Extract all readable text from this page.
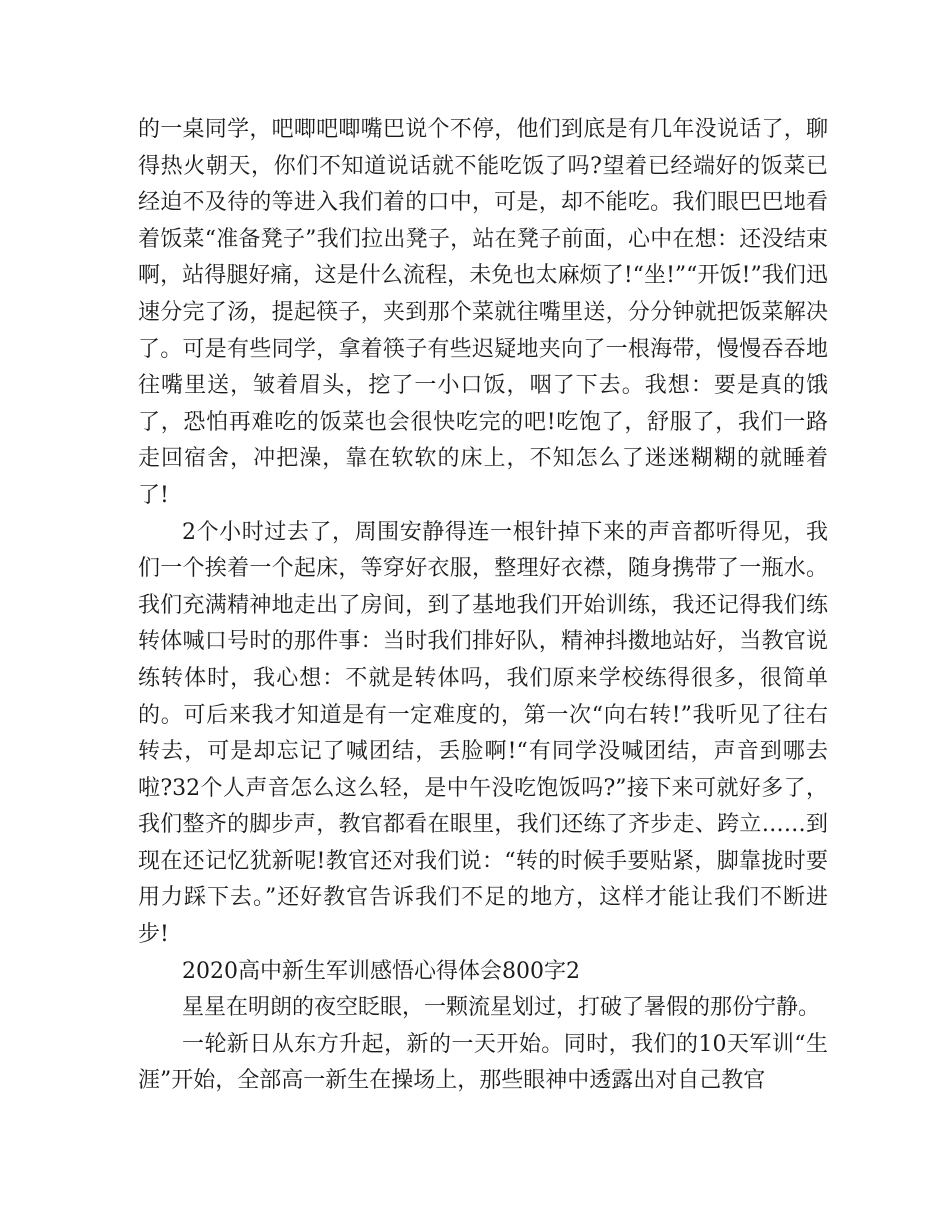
的一桌同学，吧唧吧唧嘴巴说个不停，他们到底是有几年没说话了，聊得热火朝天，你们不知道说话就不能吃饭了吗?望着已经端好的饭菜已经迫不及待的等进入我们着的口中，可是，却不能吃。我们眼巴巴地看着饭菜“准备凳子”我们拉出凳子，站在凳子前面，心中在想：还没结束啊，站得腿好痛，这是什么流程，未免也太麻烦了!“坐!”“开饭!”我们迅速分完了汤，提起筷子，夹到那个菜就往嘴里送，分分钟就把饭菜解决了。可是有些同学，拿着筷子有些迟疑地夹向了一根海带，慢慢吞吞地往嘴里送，皱着眉头，挖了一小口饭，咽了下去。我想：要是真的饿了，恐怕再难吃的饭菜也会很快吃完的吧!吃饱了，舒服了，我们一路走回宿舍，冲把澡，靠在软软的床上，不知怎么了迷迷糊糊的就睡着了!

2个小时过去了，周围安静得连一根针掉下来的声音都听得见，我们一个挨着一个起床，等穿好衣服，整理好衣襟，随身携带了一瓶水。我们充满精神地走出了房间，到了基地我们开始训练，我还记得我们练转体喊口号时的那件事：当时我们排好队，精神抖擞地站好，当教官说练转体时，我心想：不就是转体吗，我们原来学校练得很多，很简单的。可后来我才知道是有一定难度的，第一次“向右转!”我听见了往右转去，可是却忘记了喊团结，丢脸啊!“有同学没喊团结，声音到哪去啦?32个人声音怎么这么轻，是中午没吃饱饭吗?”接下来可就好多了，我们整齐的脚步声，教官都看在眼里，我们还练了齐步走、跨立……到现在还记忆犹新呢!教官还对我们说：“转的时候手要贴紧，脚靠拢时要用力踩下去。”还好教官告诉我们不足的地方，这样才能让我们不断进步!

2020高中新生军训感悟心得体会800字2

星星在明朗的夜空眨眼，一颗流星划过，打破了暑假的那份宁静。

一轮新日从东方升起，新的一天开始。同时，我们的10天军训“生涯”开始，全部高一新生在操场上，那些眼神中透露出对自己教官
